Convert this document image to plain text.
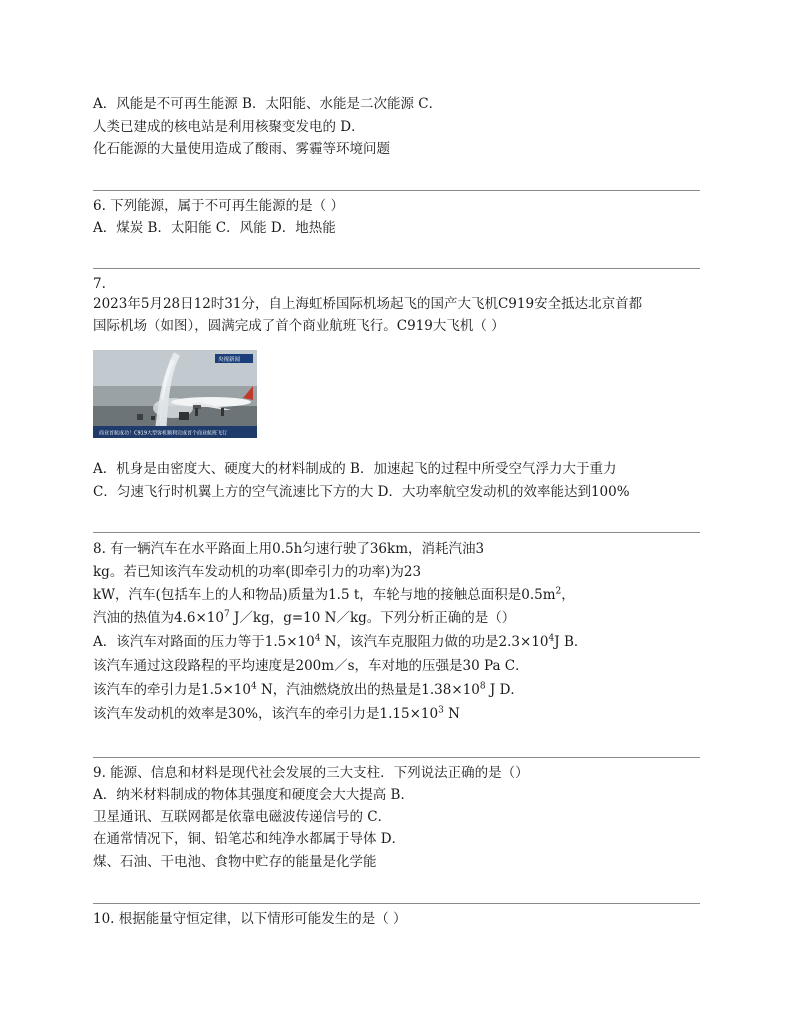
A．风能是不可再生能源 B．太阳能、水能是二次能源 C．
人类已建成的核电站是利用核聚变发电的 D．
化石能源的大量使用造成了酸雨、雾霾等环境问题
6. 下列能源，属于不可再生能源的是（ ）
A．煤炭 B．太阳能 C．风能 D．地热能
7.
2023年5月28日12时31分，自上海虹桥国际机场起飞的国产大飞机C919安全抵达北京首都
国际机场（如图），圆满完成了首个商业航班飞行。C919大飞机（ ）
商业首航成功！C919大型客机顺利完成首个商业航班飞行
央视新闻
A．机身是由密度大、硬度大的材料制成的 B．加速起飞的过程中所受空气浮力大于重力
C．匀速飞行时机翼上方的空气流速比下方的大 D．大功率航空发动机的效率能达到100%
8. 有一辆汽车在水平路面上用0.5h匀速行驶了36km，消耗汽油3
kg。若已知该汽车发动机的功率(即牵引力的功率)为23
kW，汽车(包括车上的人和物品)质量为1.5 t，车轮与地的接触总面积是$0.5m^2$，
汽油的热值为$4.6\times 10^7$ J／kg，g=10 N／kg。下列分析正确的是（）
A．该汽车对路面的压力等于$1.5\times 10^4$ N，该汽车克服阻力做的功是$2.3\times 10^4J$ B．
该汽车通过这段路程的平均速度是200m／s，车对地的压强是30 Pa C．
该汽车的牵引力是$1.5\times 10^4$ N，汽油燃烧放出的热量是$1.38\times 10^8$ J D．
该汽车发动机的效率是30%，该汽车的牵引力是$1.15\times 10^3$ N
9. 能源、信息和材料是现代社会发展的三大支柱．下列说法正确的是（）
A．纳米材料制成的物体其强度和硬度会大大提高 B．
卫星通讯、互联网都是依靠电磁波传递信号的 C．
在通常情况下，铜、铅笔芯和纯净水都属于导体 D．
煤、石油、干电池、食物中贮存的能量是化学能
10. 根据能量守恒定律，以下情形可能发生的是（ ）
